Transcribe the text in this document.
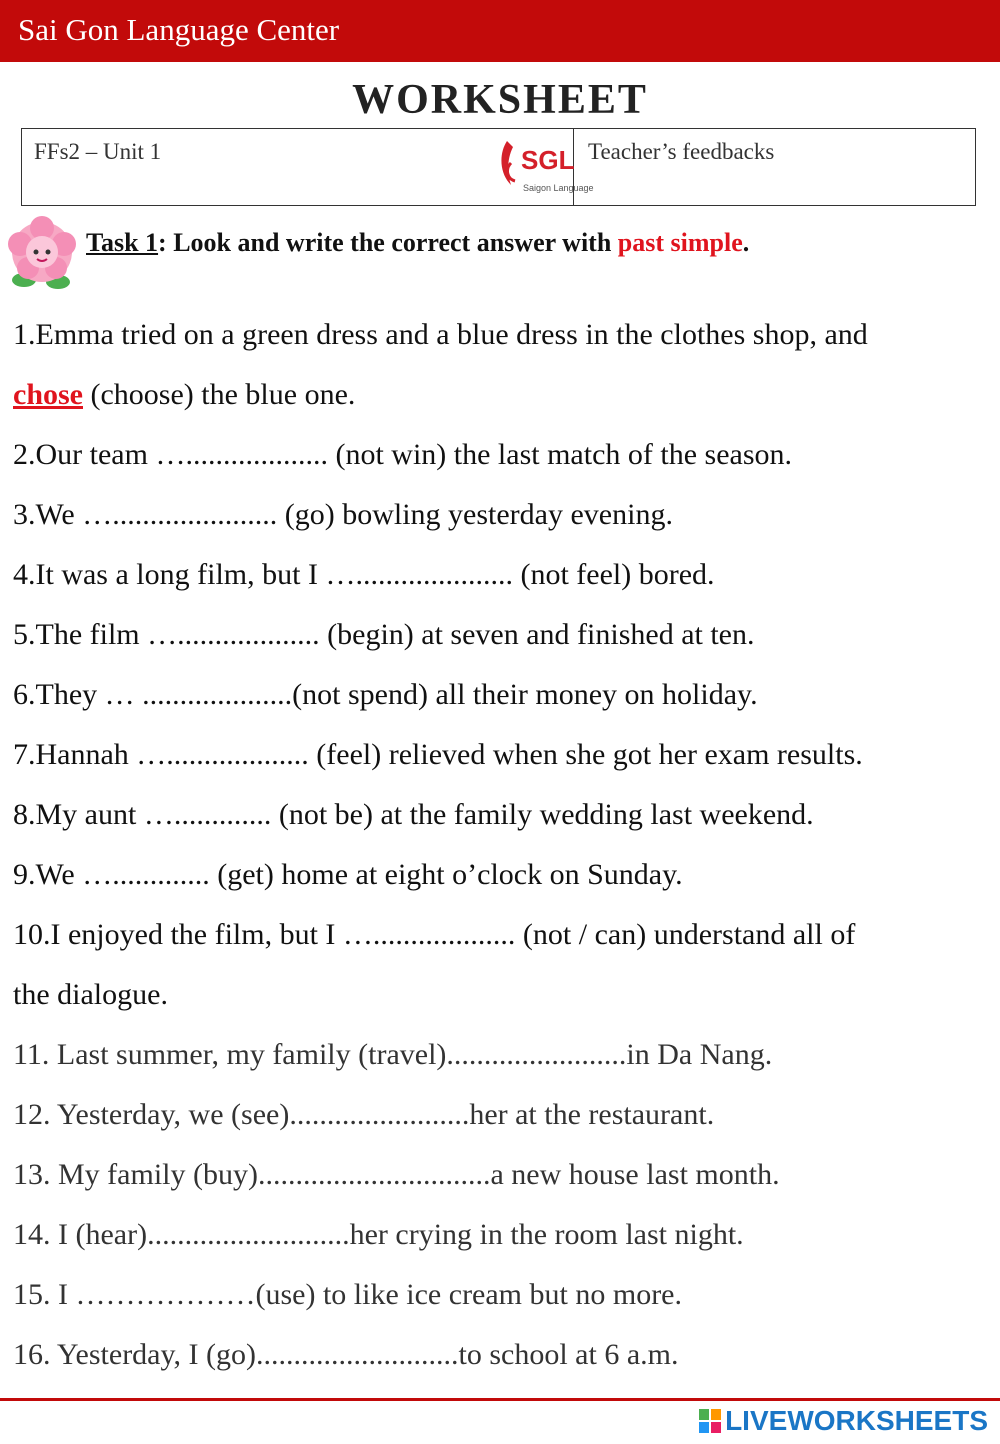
Sai Gon Language Center
WORKSHEET
FFs2 – Unit 1	SGL
Saigon Language
Teacher’s feedbacks
Task 1: Look and write the correct answer with past simple.
1.Emma tried on a green dress and a blue dress in the clothes shop, and
chose (choose) the blue one.
2.Our team …................... (not win) the last match of the season.
3.We …...................... (go) bowling yesterday evening.
4.It was a long film, but I …..................... (not feel) bored.
5.The film …................... (begin) at seven and finished at ten.
6.They … ....................(not spend) all their money on holiday.
7.Hannah …................... (feel) relieved when she got her exam results.
8.My aunt …............. (not be) at the family wedding last weekend.
9.We …............. (get) home at eight o’clock on Sunday.
10.I enjoyed the film, but I …................... (not / can) understand all of
the dialogue.
11. Last summer, my family (travel)........................in Da Nang.
12. Yesterday, we (see)........................her at the restaurant.
13. My family (buy)...............................a new house last month.
14. I (hear)...........................her crying in the room last night.
15. I ………………(use) to like ice cream but no more.
16. Yesterday, I (go)...........................to school at 6 a.m.
LIVEWORKSHEETS
